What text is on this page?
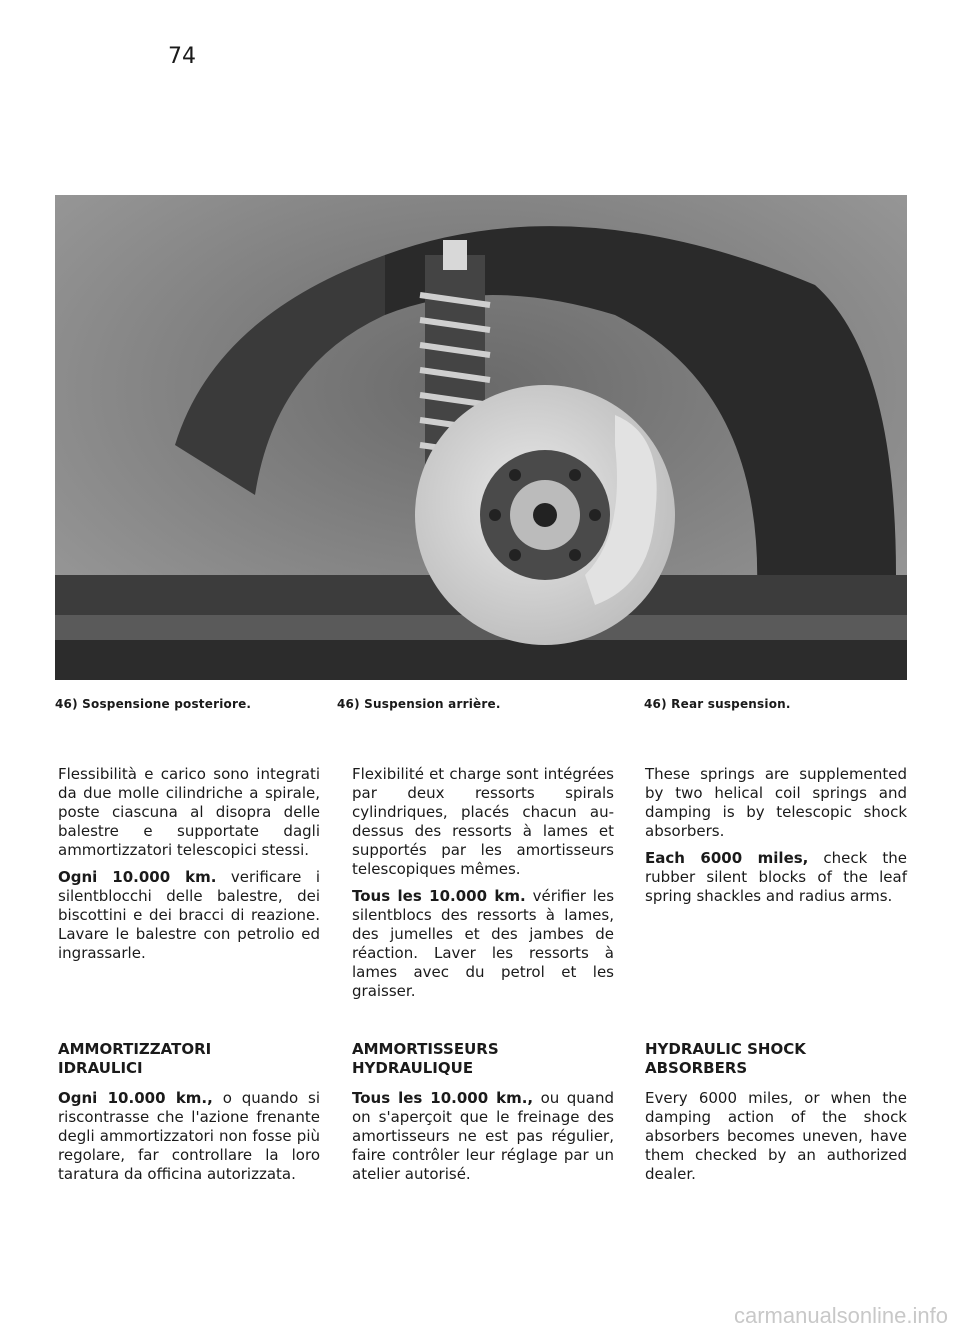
74
46) Sospensione posteriore.	46) Suspension arrière.	46) Rear suspension.

Flessibilità e carico sono integrati da due molle cilindriche a spirale, poste ciascuna al disopra delle balestre e supportate dagli ammortizzatori telescopici stessi.

Ogni 10.000 km. verificare i silentblocchi delle balestre, dei biscottini e dei bracci di reazione. Lavare le balestre con petrolio ed ingrassarle.

AMMORTIZZATORI IDRAULICI

Ogni 10.000 km., o quando si riscontrasse che l'azione frenante degli ammortizzatori non fosse più regolare, far controllare la loro taratura da officina autorizzata.

Flexibilité et charge sont intégrées par deux ressorts spirals cylindriques, placés chacun au-dessus des ressorts à lames et supportés par les amortisseurs telescopiques mêmes.

Tous les 10.000 km. vérifier les silentblocs des ressorts à lames, des jumelles et des jambes de réaction. Laver les ressorts à lames avec du petrol et les graisser.

AMMORTISSEURS HYDRAULIQUE

Tous les 10.000 km., ou quand on s'aperçoit que le freinage des amortisseurs ne est pas régulier, faire contrôler leur réglage par un atelier autorisé.

These springs are supplemented by two helical coil springs and damping is by telescopic shock absorbers.

Each 6000 miles, check the rubber silent blocks of the leaf spring shackles and radius arms.

HYDRAULIC SHOCK ABSORBERS

Every 6000 miles, or when the damping action of the shock absorbers becomes uneven, have them checked by an authorized dealer.

carmanualsonline.info
